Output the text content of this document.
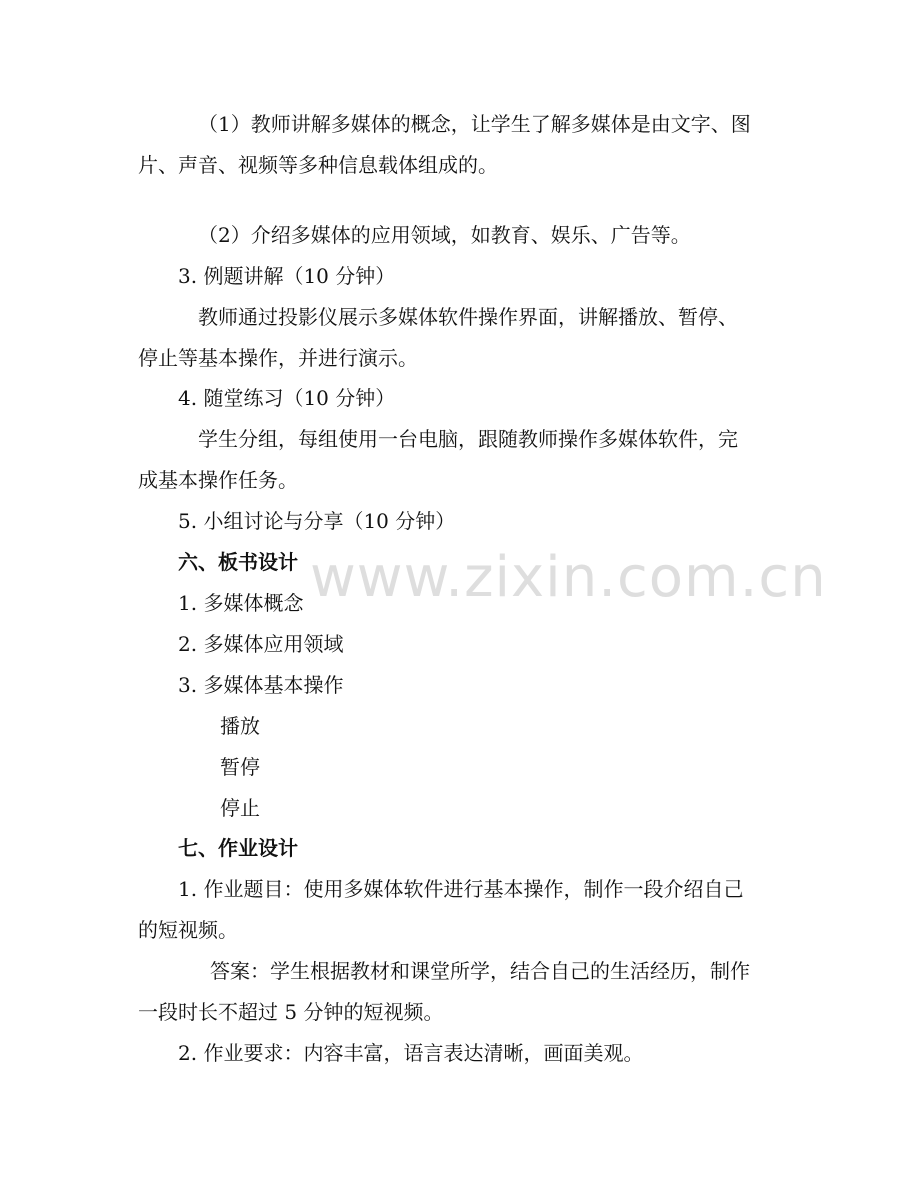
www.zixin.com.cn
（1）教师讲解多媒体的概念，让学生了解多媒体是由文字、图
片、声音、视频等多种信息载体组成的。
（2）介绍多媒体的应用领域，如教育、娱乐、广告等。
3. 例题讲解（10 分钟）
教师通过投影仪展示多媒体软件操作界面，讲解播放、暂停、
停止等基本操作，并进行演示。
4. 随堂练习（10 分钟）
学生分组，每组使用一台电脑，跟随教师操作多媒体软件，完
成基本操作任务。
5. 小组讨论与分享（10 分钟）
六、板书设计
1. 多媒体概念
2. 多媒体应用领域
3. 多媒体基本操作
播放
暂停
停止
七、作业设计
1. 作业题目：使用多媒体软件进行基本操作，制作一段介绍自己
的短视频。
答案：学生根据教材和课堂所学，结合自己的生活经历，制作
一段时长不超过 5 分钟的短视频。
2. 作业要求：内容丰富，语言表达清晰，画面美观。
